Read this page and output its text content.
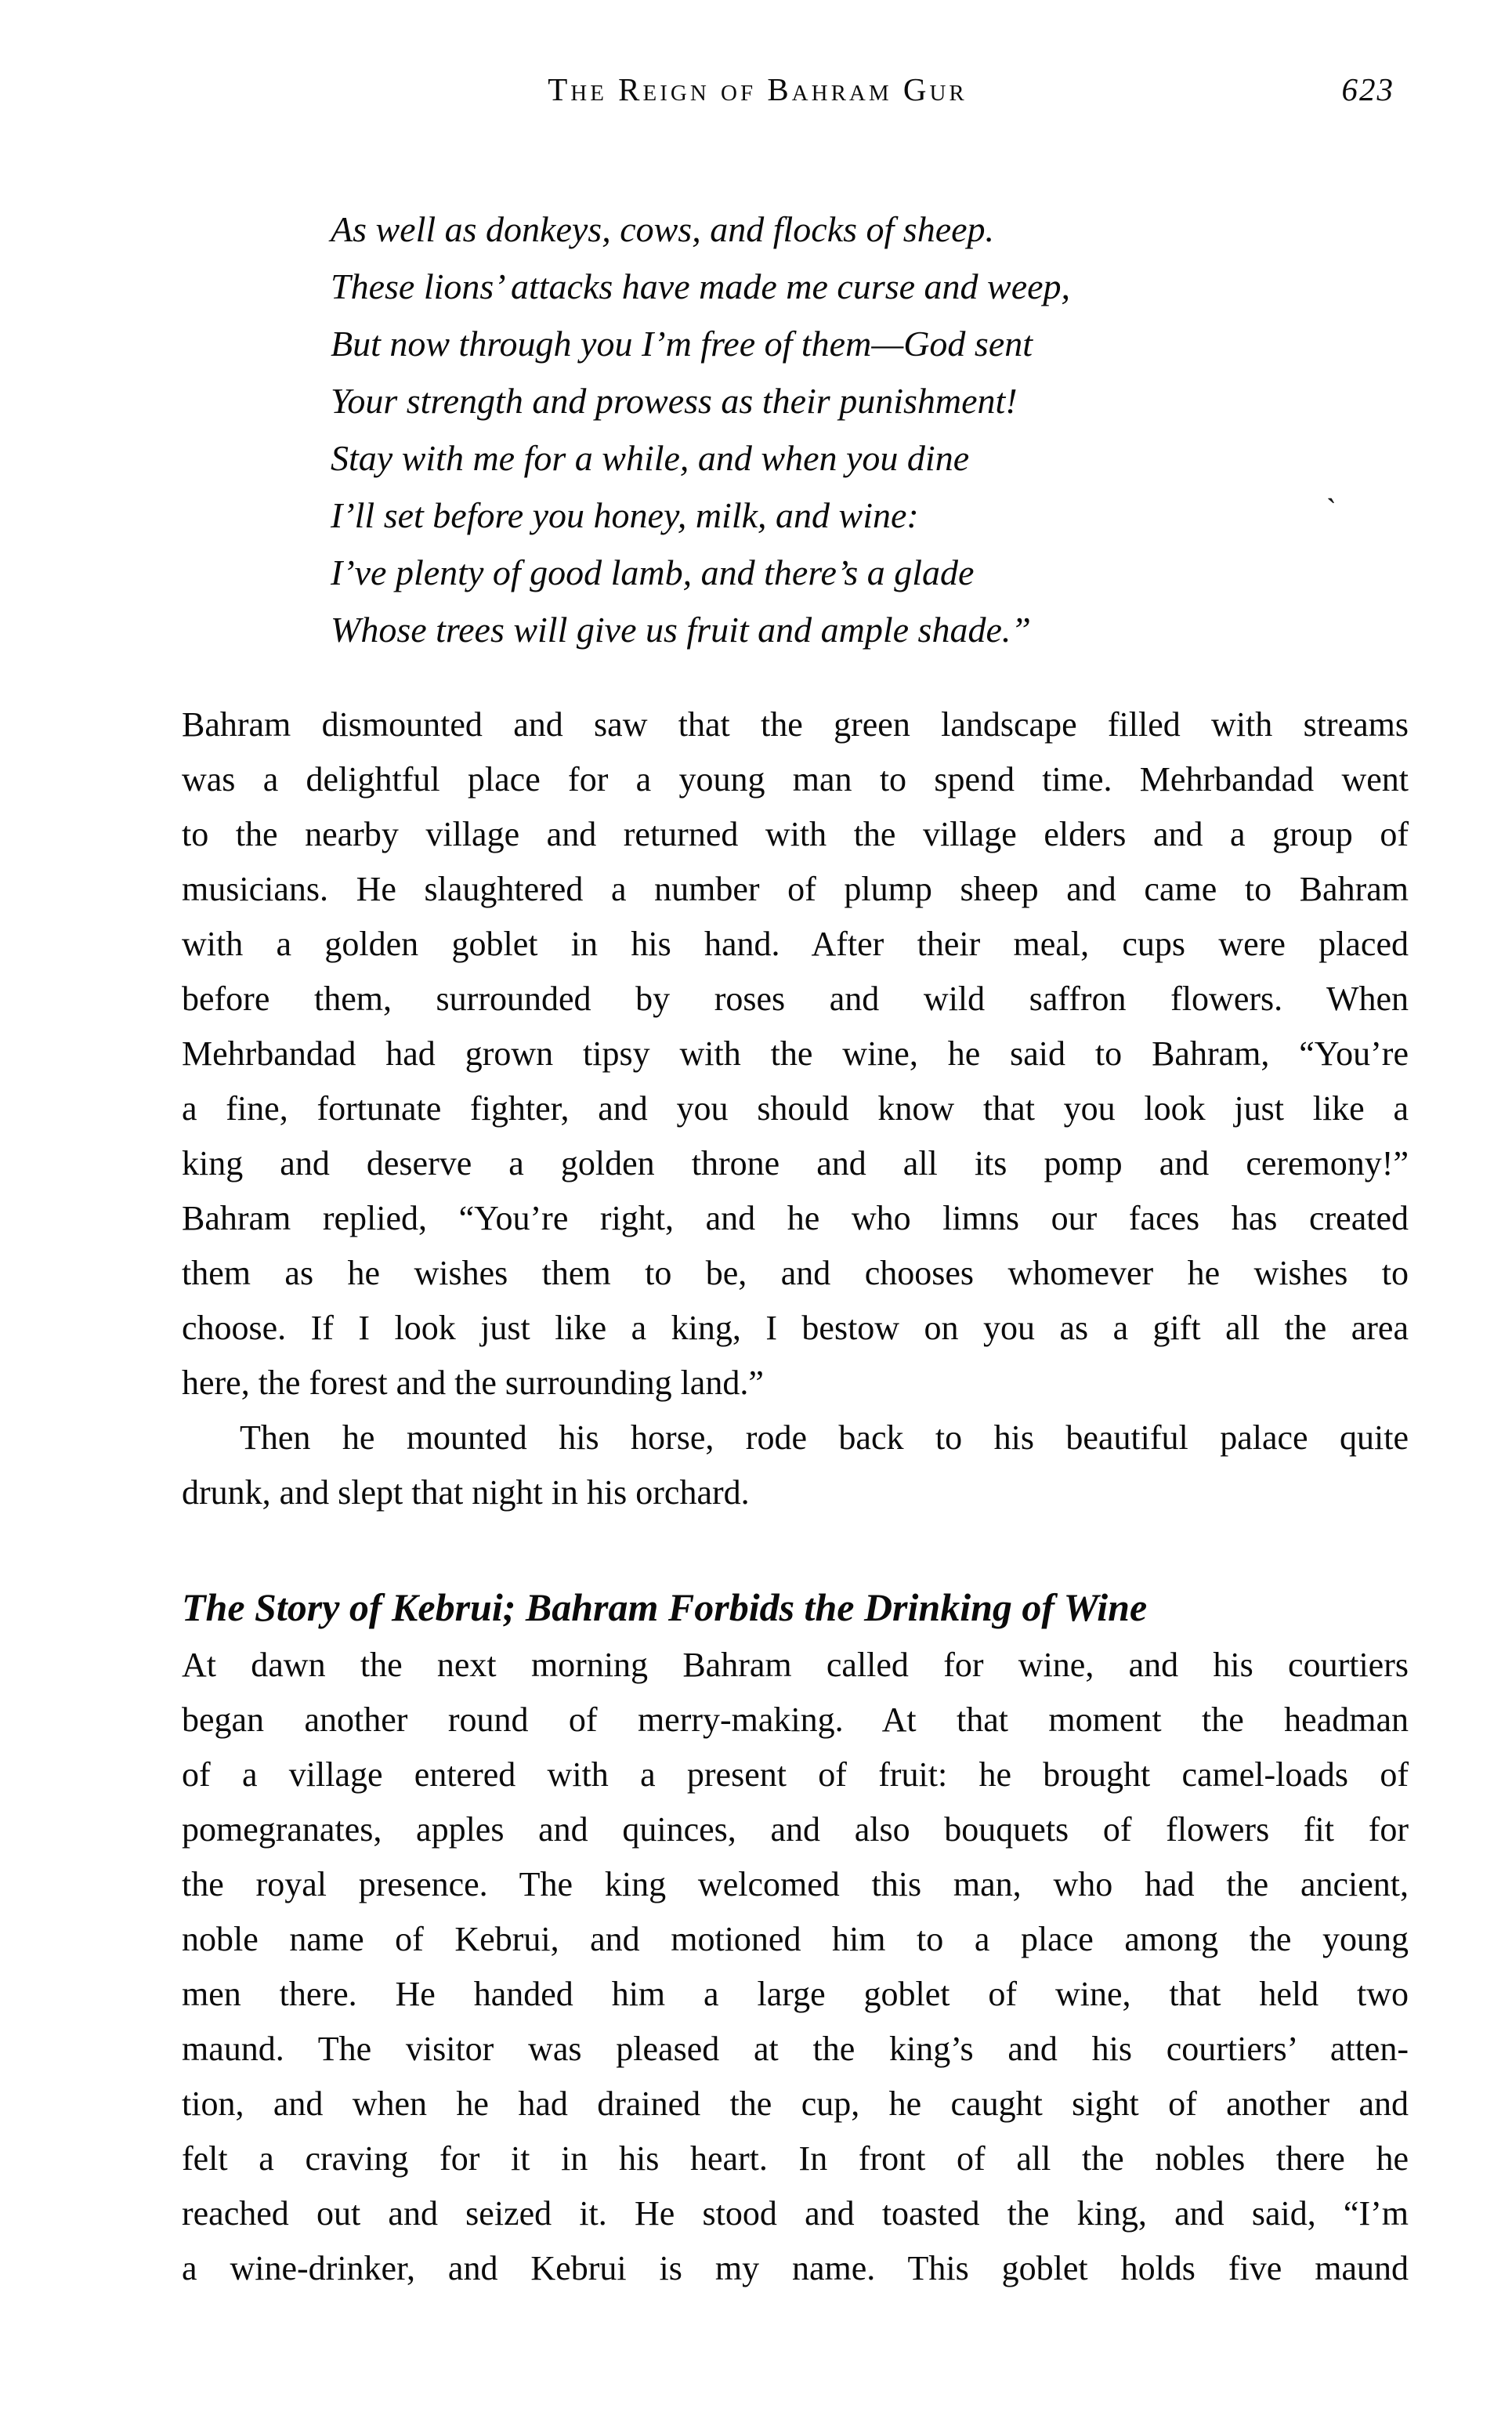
The Reign of Bahram Gur	623
As well as donkeys, cows, and flocks of sheep.
These lions’ attacks have made me curse and weep,
But now through you I’m free of them—God sent
Your strength and prowess as their punishment!
Stay with me for a while, and when you dine
I’ll set before you honey, milk, and wine:
I’ve plenty of good lamb, and there’s a glade
Whose trees will give us fruit and ample shade.”
ˋ
Bahram dismounted and saw that the green landscape filled with streams
was a delightful place for a young man to spend time. Mehrbandad went
to the nearby village and returned with the village elders and a group of
musicians. He slaughtered a number of plump sheep and came to Bahram
with a golden goblet in his hand. After their meal, cups were placed
before them, surrounded by roses and wild saffron flowers. When
Mehrbandad had grown tipsy with the wine, he said to Bahram, “You’re
a fine, fortunate fighter, and you should know that you look just like a
king and deserve a golden throne and all its pomp and ceremony!”
Bahram replied, “You’re right, and he who limns our faces has created
them as he wishes them to be, and chooses whomever he wishes to
choose. If I look just like a king, I bestow on you as a gift all the area
here, the forest and the surrounding land.”
Then he mounted his horse, rode back to his beautiful palace quite
drunk, and slept that night in his orchard.
The Story of Kebrui; Bahram Forbids the Drinking of Wine
At dawn the next morning Bahram called for wine, and his courtiers
began another round of merry-making. At that moment the headman
of a village entered with a present of fruit: he brought camel-loads of
pomegranates, apples and quinces, and also bouquets of flowers fit for
the royal presence. The king welcomed this man, who had the ancient,
noble name of Kebrui, and motioned him to a place among the young
men there. He handed him a large goblet of wine, that held two
maund. The visitor was pleased at the king’s and his courtiers’ atten-
tion, and when he had drained the cup, he caught sight of another and
felt a craving for it in his heart. In front of all the nobles there he
reached out and seized it. He stood and toasted the king, and said, “I’m
a wine-drinker, and Kebrui is my name. This goblet holds five maund
